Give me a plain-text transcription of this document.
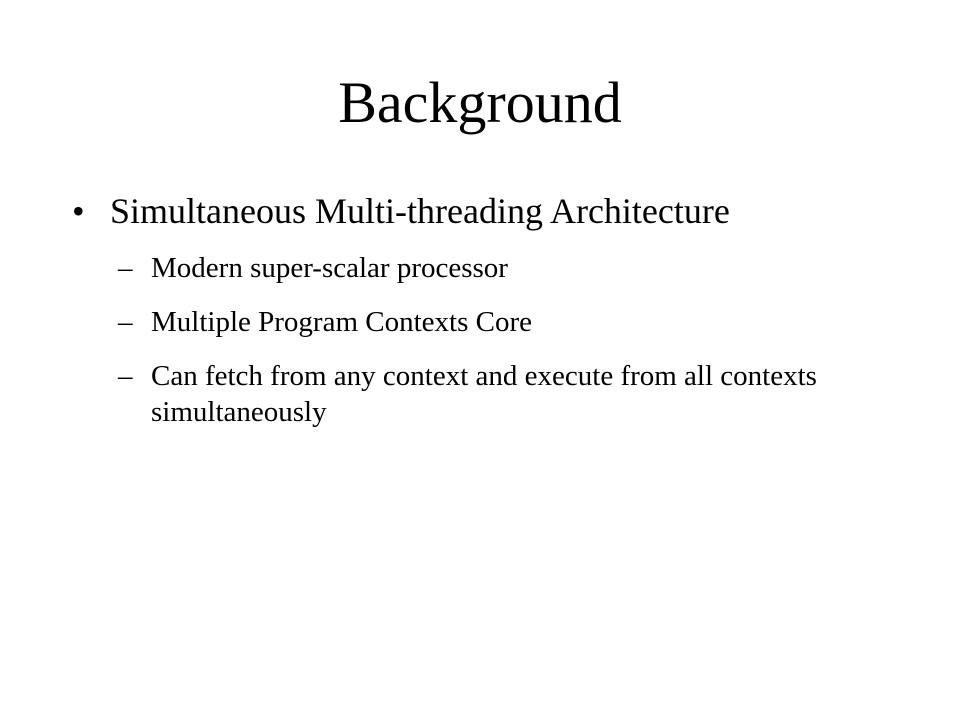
Background
• Simultaneous Multi-threading Architecture
– Modern super-scalar processor
– Multiple Program Contexts Core
– Can fetch from any context and execute from all contexts simultaneously
